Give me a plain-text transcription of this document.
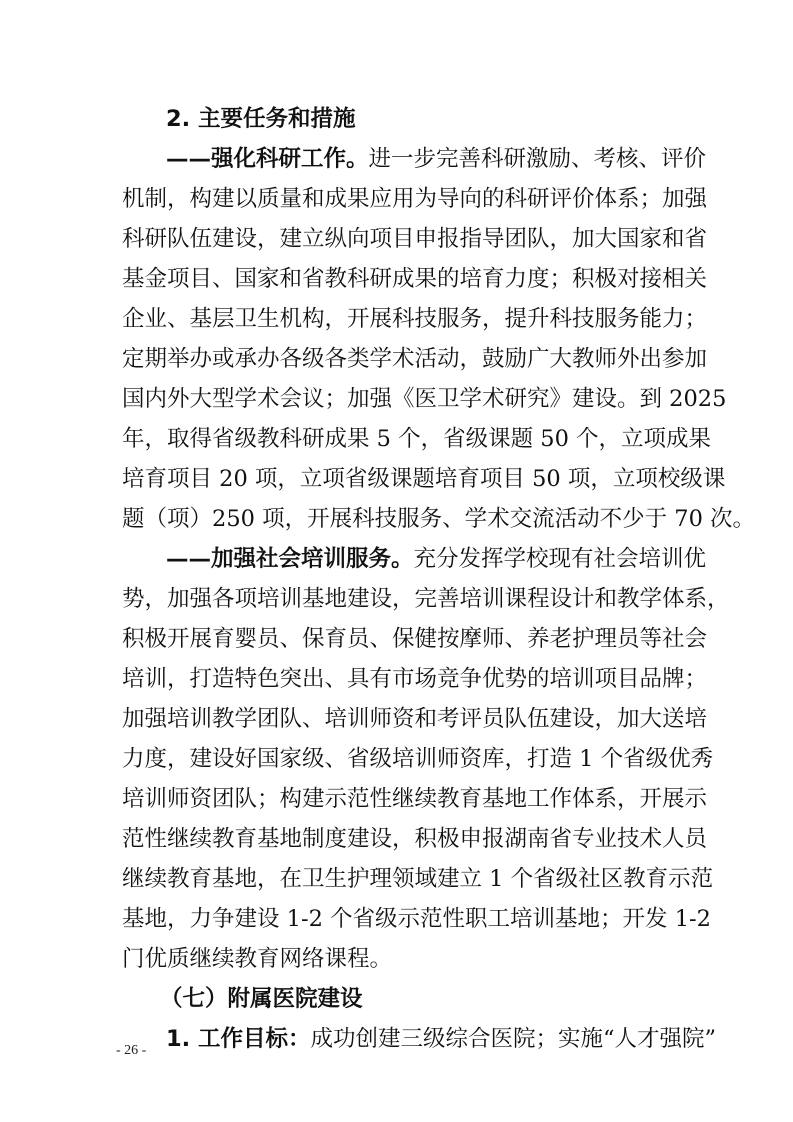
2. 主要任务和措施
——强化科研工作。进一步完善科研激励、考核、评价
机制，构建以质量和成果应用为导向的科研评价体系；加强
科研队伍建设，建立纵向项目申报指导团队，加大国家和省
基金项目、国家和省教科研成果的培育力度；积极对接相关
企业、基层卫生机构，开展科技服务，提升科技服务能力；
定期举办或承办各级各类学术活动，鼓励广大教师外出参加
国内外大型学术会议；加强《医卫学术研究》建设。到 2025
年，取得省级教科研成果 5 个，省级课题 50 个，立项成果
培育项目 20 项，立项省级课题培育项目 50 项，立项校级课
题（项）250 项，开展科技服务、学术交流活动不少于 70 次。
——加强社会培训服务。充分发挥学校现有社会培训优
势，加强各项培训基地建设，完善培训课程设计和教学体系，
积极开展育婴员、保育员、保健按摩师、养老护理员等社会
培训，打造特色突出、具有市场竞争优势的培训项目品牌；
加强培训教学团队、培训师资和考评员队伍建设，加大送培
力度，建设好国家级、省级培训师资库，打造 1 个省级优秀
培训师资团队；构建示范性继续教育基地工作体系，开展示
范性继续教育基地制度建设，积极申报湖南省专业技术人员
继续教育基地，在卫生护理领域建立 1 个省级社区教育示范
基地，力争建设 1-2 个省级示范性职工培训基地；开发 1-2
门优质继续教育网络课程。
（七）附属医院建设
1. 工作目标：成功创建三级综合医院；实施“人才强院”
- 26 -
